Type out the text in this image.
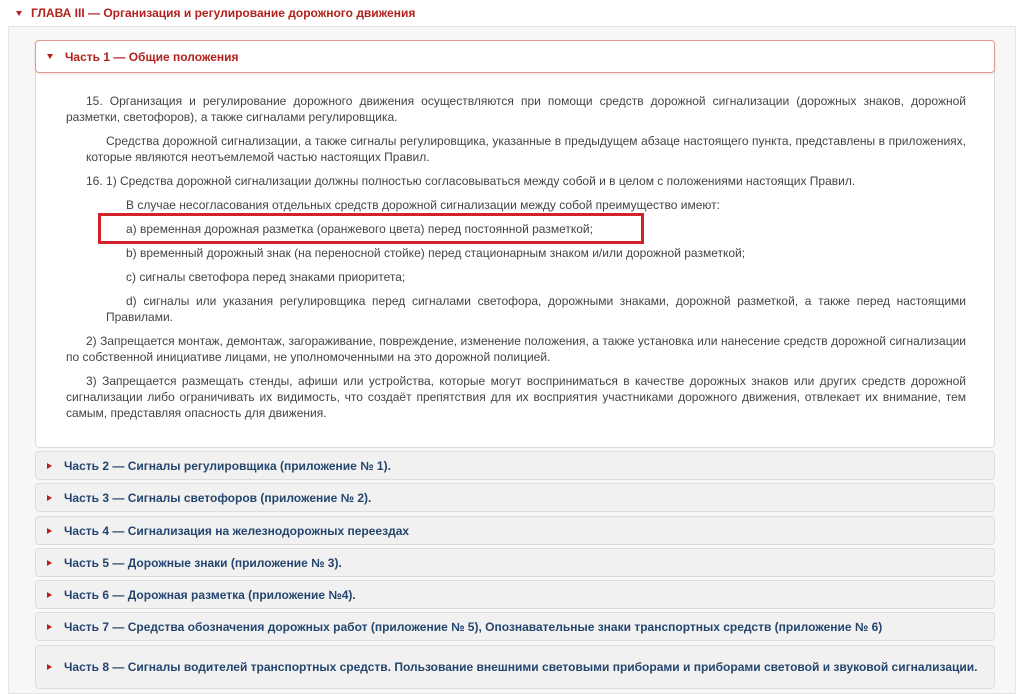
ГЛАВА III — Организация и регулирование дорожного движения
Часть 1 — Общие положения

15. Организация и регулирование дорожного движения осуществляются при помощи средств дорожной сигнализации (дорожных знаков, дорожной разметки, светофоров), а также сигналами регулировщика.

Средства дорожной сигнализации, а также сигналы регулировщика, указанные в предыдущем абзаце настоящего пункта, представлены в приложениях, которые являются неотъемлемой частью настоящих Правил.

16. 1) Средства дорожной сигнализации должны полностью согласовываться между собой и в целом с положениями настоящих Правил.

В случае несогласования отдельных средств дорожной сигнализации между собой преимущество имеют:

a) временная дорожная разметка (оранжевого цвета) перед постоянной разметкой;

b) временный дорожный знак (на переносной стойке) перед стационарным знаком и/или дорожной разметкой;

c) сигналы светофора перед знаками приоритета;

d) сигналы или указания регулировщика перед сигналами светофора, дорожными знаками, дорожной разметкой, а также перед настоящими Правилами.

2) Запрещается монтаж, демонтаж, загораживание, повреждение, изменение положения, а также установка или нанесение средств дорожной сигнализации по собственной инициативе лицами, не уполномоченными на это дорожной полицией.

3) Запрещается размещать стенды, афиши или устройства, которые могут восприниматься в качестве дорожных знаков или других средств дорожной сигнализации либо ограничивать их видимость, что создаёт препятствия для их восприятия участниками дорожного движения, отвлекает их внимание, тем самым, представляя опасность для движения.

Часть 2 — Сигналы регулировщика (приложение № 1).
Часть 3 — Сигналы светофоров (приложение № 2).
Часть 4 — Сигнализация на железнодорожных переездах
Часть 5 — Дорожные знаки (приложение № 3).
Часть 6 — Дорожная разметка (приложение №4).
Часть 7 — Средства обозначения дорожных работ (приложение № 5), Опознавательные знаки транспортных средств (приложение № 6)
Часть 8 — Сигналы водителей транспортных средств. Пользование внешними световыми приборами и приборами световой и звуковой сигнализации.
